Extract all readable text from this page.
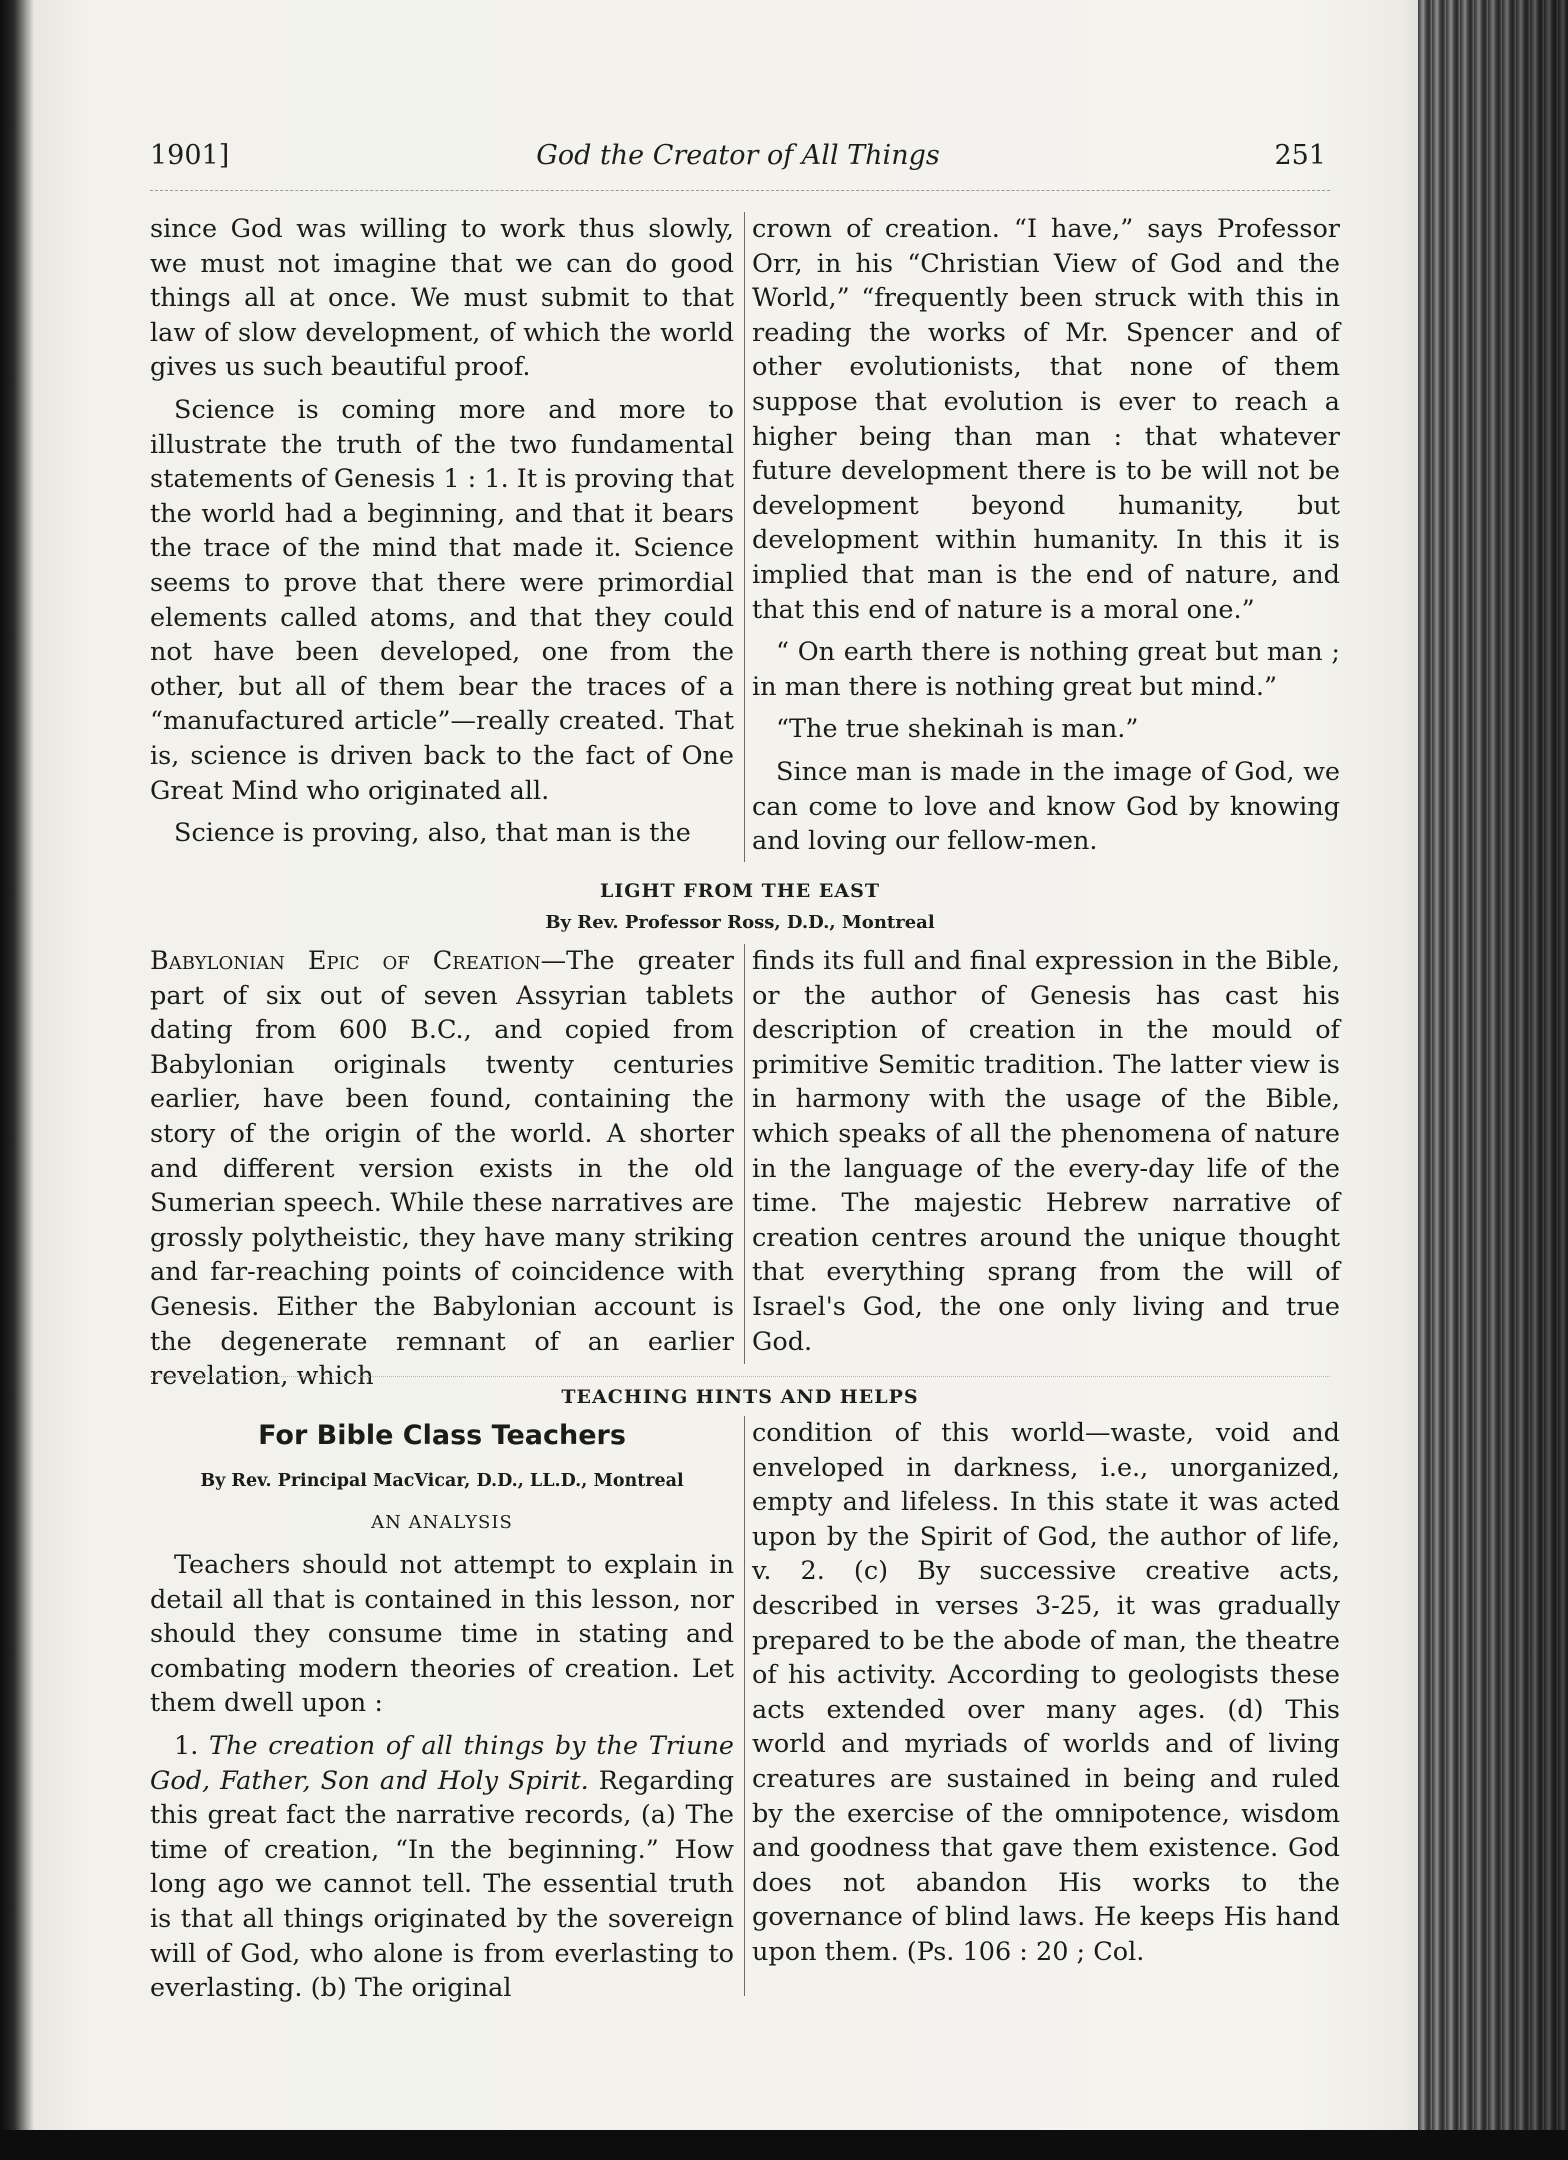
1901]	God the Creator of All Things	251

since God was willing to work thus slowly, we must not imagine that we can do good things all at once. We must submit to that law of slow development, of which the world gives us such beautiful proof.

Science is coming more and more to illustrate the truth of the two fundamental statements of Genesis 1 : 1. It is proving that the world had a beginning, and that it bears the trace of the mind that made it. Science seems to prove that there were primordial elements called atoms, and that they could not have been developed, one from the other, but all of them bear the traces of a “manufactured article”—really created. That is, science is driven back to the fact of One Great Mind who originated all.

Science is proving, also, that man is the

crown of creation. “I have,” says Professor Orr, in his “Christian View of God and the World,” “frequently been struck with this in reading the works of Mr. Spencer and of other evolutionists, that none of them suppose that evolution is ever to reach a higher being than man : that whatever future development there is to be will not be development beyond humanity, but development within humanity. In this it is implied that man is the end of nature, and that this end of nature is a moral one.”

“ On earth there is nothing great but man ; in man there is nothing great but mind.”

“The true shekinah is man.”

Since man is made in the image of God, we can come to love and know God by knowing and loving our fellow-men.

LIGHT FROM THE EAST
By Rev. Professor Ross, D.D., Montreal

Babylonian Epic of Creation—The greater part of six out of seven Assyrian tablets dating from 600 B.C., and copied from Babylonian originals twenty centuries earlier, have been found, containing the story of the origin of the world. A shorter and different version exists in the old Sumerian speech. While these narratives are grossly polytheistic, they have many striking and far-reaching points of coincidence with Genesis. Either the Babylonian account is the degenerate remnant of an earlier revelation, which

finds its full and final expression in the Bible, or the author of Genesis has cast his description of creation in the mould of primitive Semitic tradition. The latter view is in harmony with the usage of the Bible, which speaks of all the phenomena of nature in the language of the every-day life of the time. The majestic Hebrew narrative of creation centres around the unique thought that everything sprang from the will of Israel's God, the one only living and true God.

TEACHING HINTS AND HELPS

For Bible Class Teachers

By Rev. Principal MacVicar, D.D., LL.D., Montreal

AN ANALYSIS

Teachers should not attempt to explain in detail all that is contained in this lesson, nor should they consume time in stating and combating modern theories of creation. Let them dwell upon :

1. The creation of all things by the Triune God, Father, Son and Holy Spirit. Regarding this great fact the narrative records, (a) The time of creation, “In the beginning.” How long ago we cannot tell. The essential truth is that all things originated by the sovereign will of God, who alone is from everlasting to everlasting. (b) The original

condition of this world—waste, void and enveloped in darkness, i.e., unorganized, empty and lifeless. In this state it was acted upon by the Spirit of God, the author of life, v. 2. (c) By successive creative acts, described in verses 3-25, it was gradually prepared to be the abode of man, the theatre of his activity. According to geologists these acts extended over many ages. (d) This world and myriads of worlds and of living creatures are sustained in being and ruled by the exercise of the omnipotence, wisdom and goodness that gave them existence. God does not abandon His works to the governance of blind laws. He keeps His hand upon them. (Ps. 106 : 20 ; Col.
